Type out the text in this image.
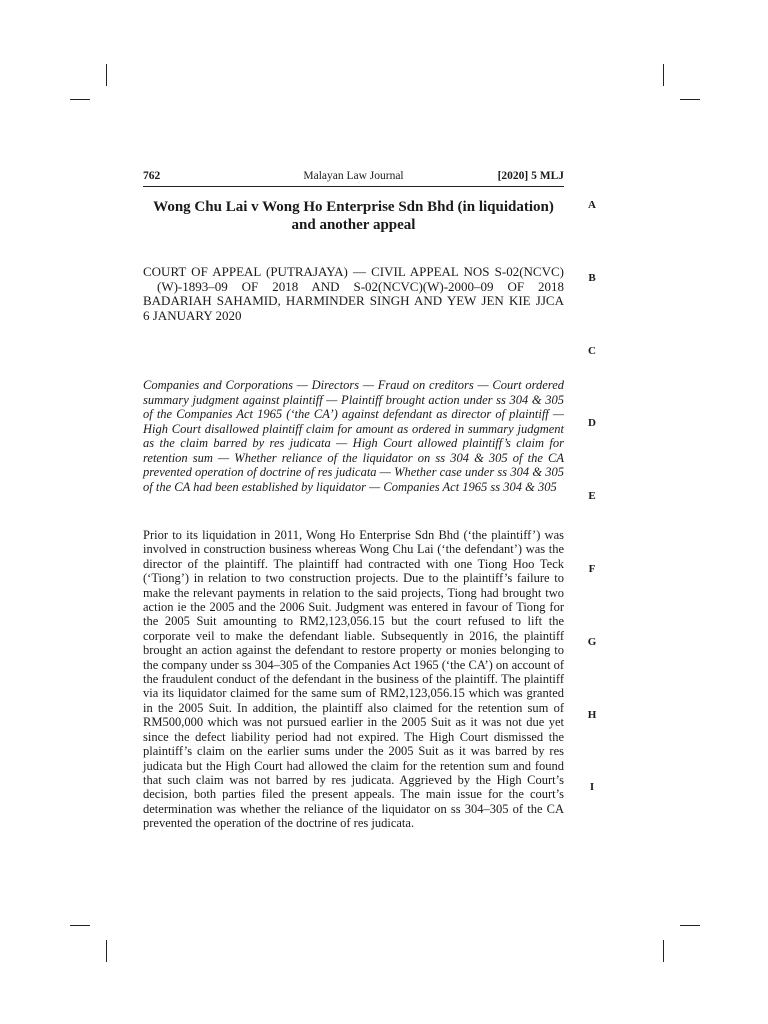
Malayan Law Journal
762	[2020] 5 MLJ
Wong Chu Lai v Wong Ho Enterprise Sdn Bhd (in liquidation) and another appeal

COURT OF APPEAL (PUTRAJAYA) — CIVIL APPEAL NOS S-02(NCVC)(W)-1893–09 OF 2018 AND S-02(NCVC)(W)-2000–09 OF 2018

BADARIAH SAHAMID, HARMINDER SINGH AND YEW JEN KIE JJCA

6 JANUARY 2020

Companies and Corporations — Directors — Fraud on creditors — Court ordered summary judgment against plaintiff — Plaintiff brought action under ss 304 & 305 of the Companies Act 1965 (‘the CA’) against defendant as director of plaintiff — High Court disallowed plaintiff claim for amount as ordered in summary judgment as the claim barred by res judicata — High Court allowed plaintiff’s claim for retention sum — Whether reliance of the liquidator on ss 304 & 305 of the CA prevented operation of doctrine of res judicata — Whether case under ss 304 & 305 of the CA had been established by liquidator — Companies Act 1965 ss 304 & 305

Prior to its liquidation in 2011, Wong Ho Enterprise Sdn Bhd (‘the plaintiff’) was involved in construction business whereas Wong Chu Lai (‘the defendant’) was the director of the plaintiff. The plaintiff had contracted with one Tiong Hoo Teck (‘Tiong’) in relation to two construction projects. Due to the plaintiff’s failure to make the relevant payments in relation to the said projects, Tiong had brought two action ie the 2005 and the 2006 Suit. Judgment was entered in favour of Tiong for the 2005 Suit amounting to RM2,123,056.15 but the court refused to lift the corporate veil to make the defendant liable. Subsequently in 2016, the plaintiff brought an action against the defendant to restore property or monies belonging to the company under ss 304–305 of the Companies Act 1965 (‘the CA’) on account of the fraudulent conduct of the defendant in the business of the plaintiff. The plaintiff via its liquidator claimed for the same sum of RM2,123,056.15 which was granted in the 2005 Suit. In addition, the plaintiff also claimed for the retention sum of RM500,000 which was not pursued earlier in the 2005 Suit as it was not due yet since the defect liability period had not expired. The High Court dismissed the plaintiff’s claim on the earlier sums under the 2005 Suit as it was barred by res judicata but the High Court had allowed the claim for the retention sum and found that such claim was not barred by res judicata. Aggrieved by the High Court’s decision, both parties filed the present appeals. The main issue for the court’s determination was whether the reliance of the liquidator on ss 304–305 of the CA prevented the operation of the doctrine of res judicata.

A
B
C
D
E
F
G
H
I
